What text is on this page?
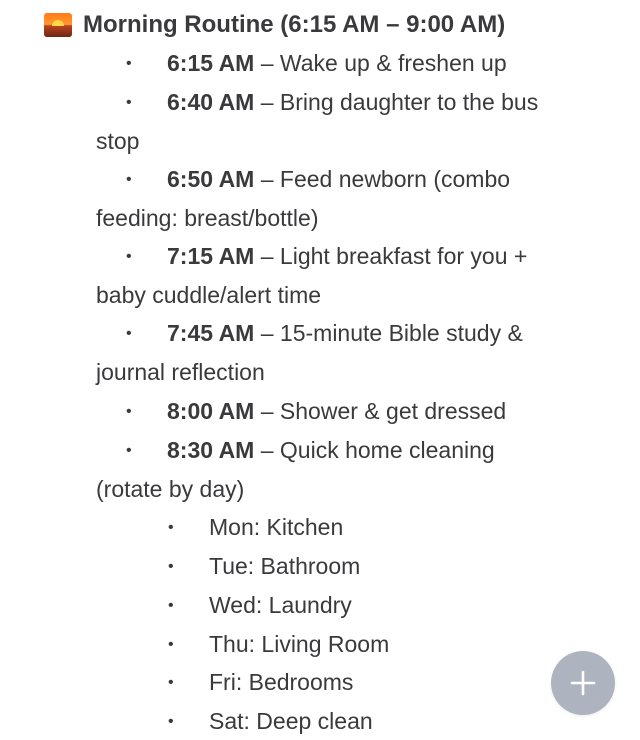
Morning Routine (6:15 AM – 9:00 AM)
• 6:15 AM – Wake up & freshen up
• 6:40 AM – Bring daughter to the bus
stop
• 6:50 AM – Feed newborn (combo
feeding: breast/bottle)
• 7:15 AM – Light breakfast for you +
baby cuddle/alert time
• 7:45 AM – 15-minute Bible study &
journal reflection
• 8:00 AM – Shower & get dressed
• 8:30 AM – Quick home cleaning
(rotate by day)
• Mon: Kitchen
• Tue: Bathroom
• Wed: Laundry
• Thu: Living Room
• Fri: Bedrooms
• Sat: Deep clean
